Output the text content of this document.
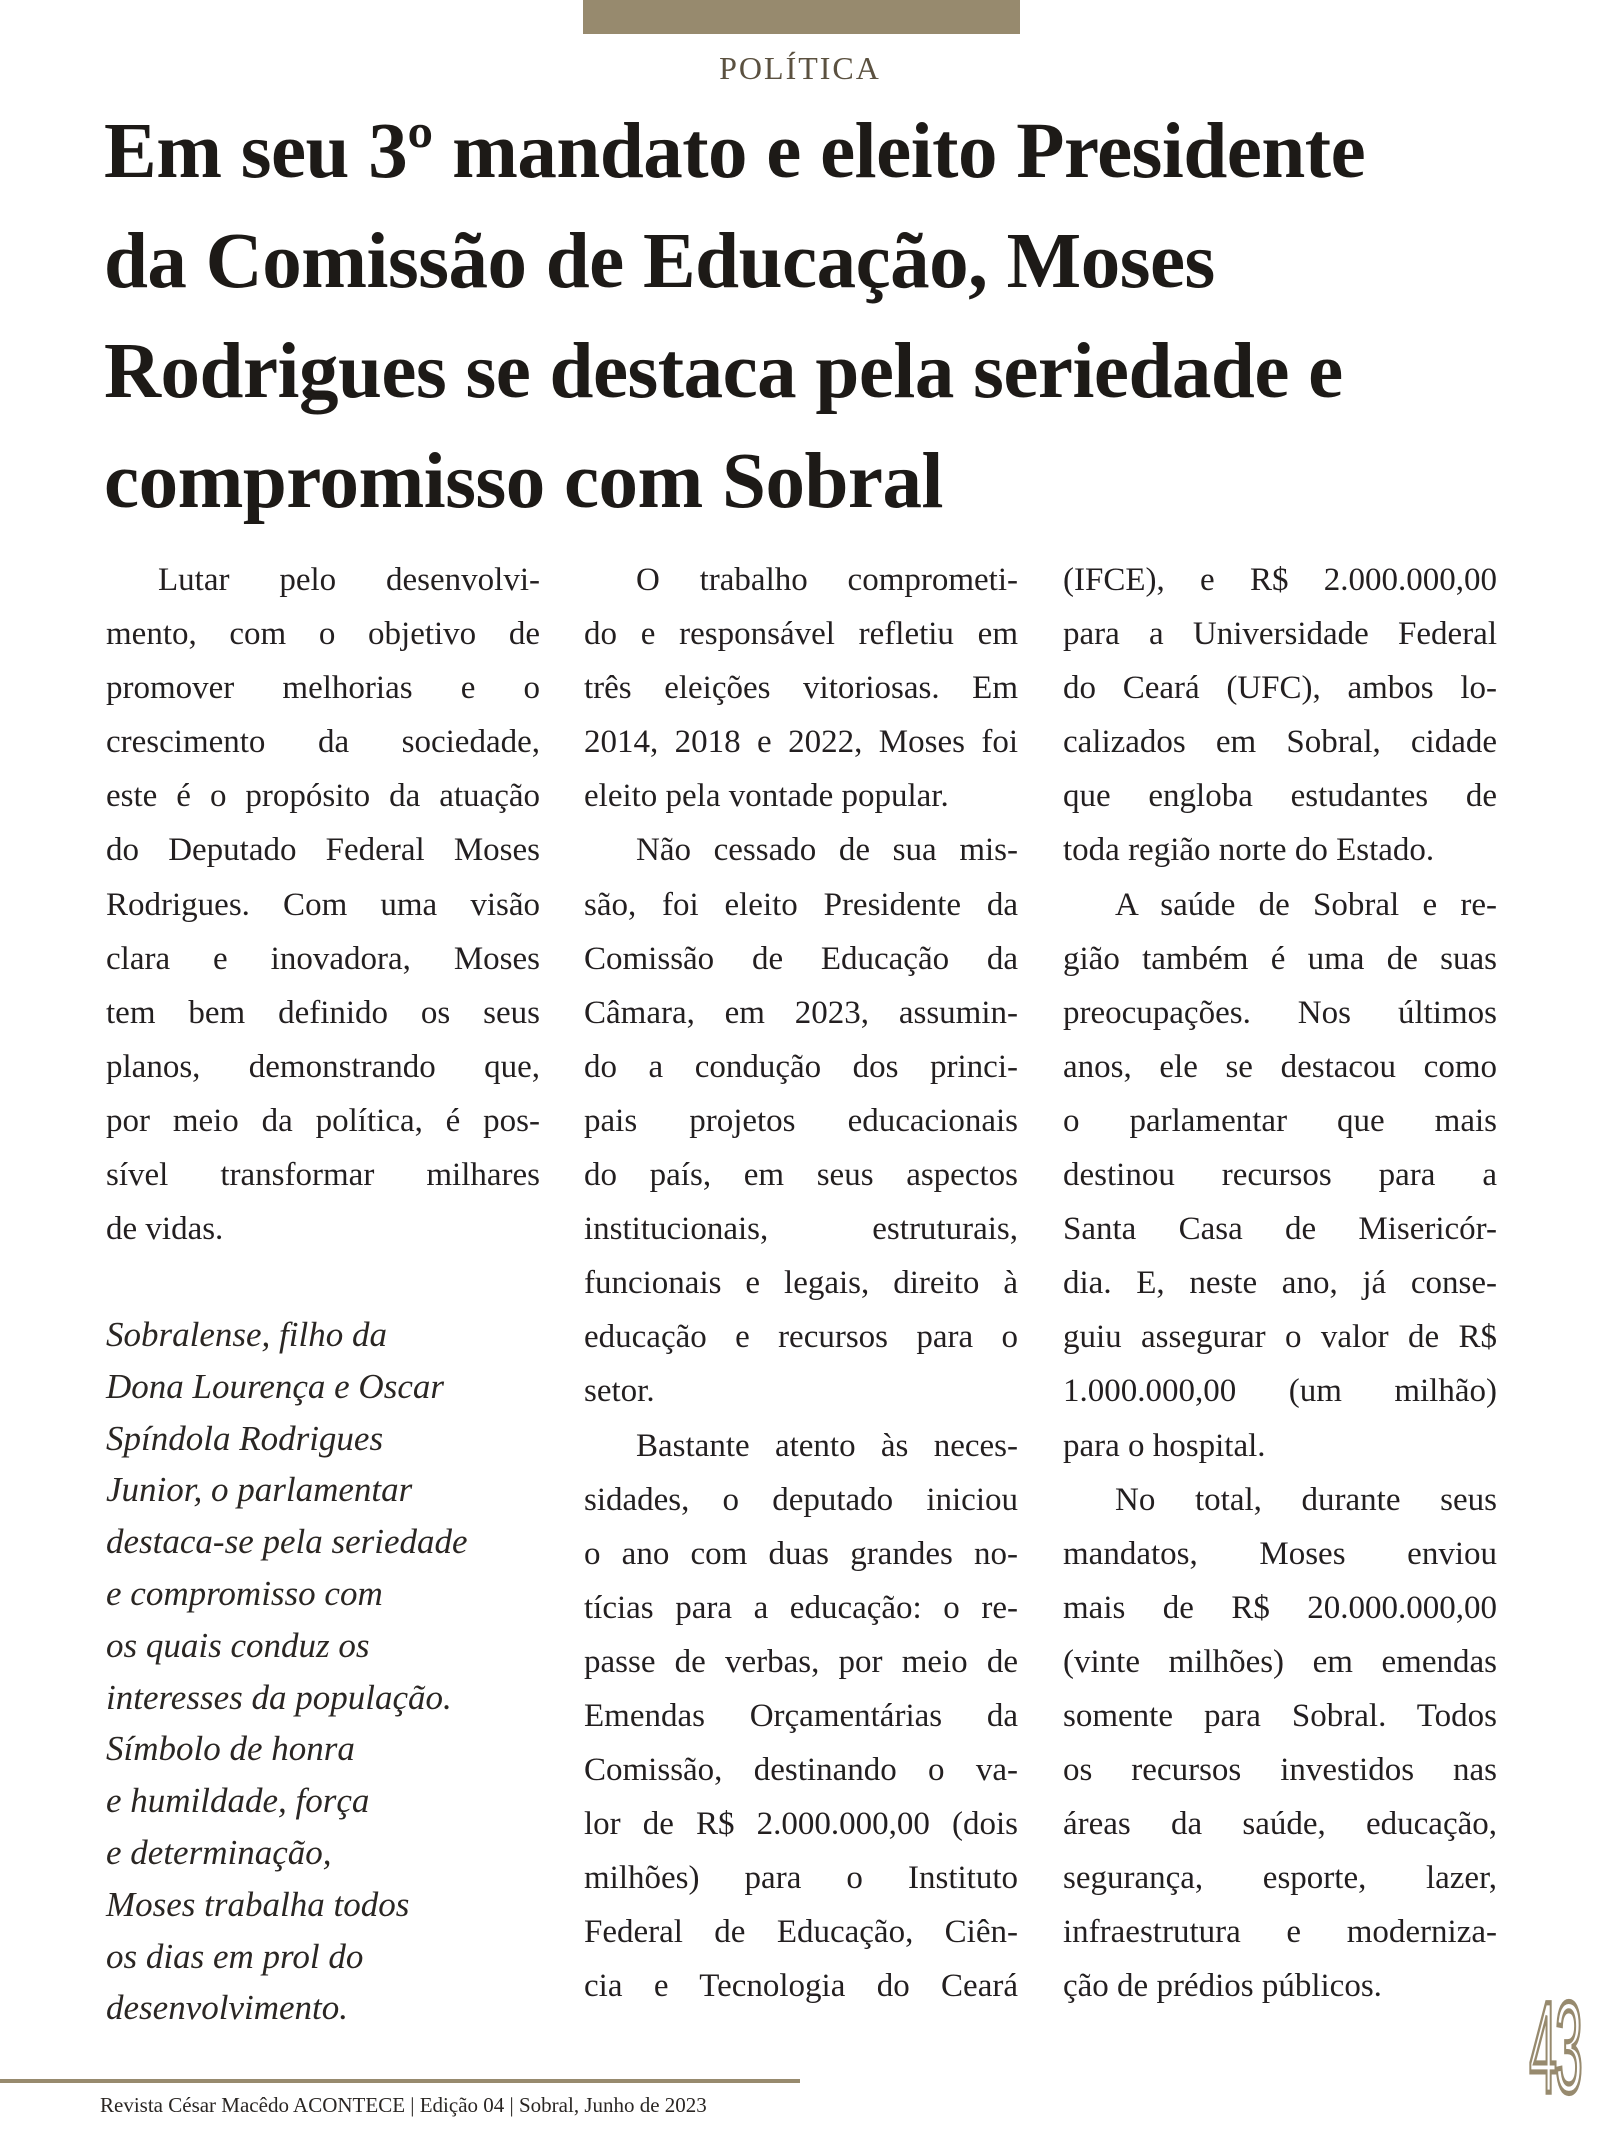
POLÍTICA
Em seu 3º mandato e eleito Presidente
da Comissão de Educação, Moses
Rodrigues se destaca pela seriedade e
compromisso com Sobral
Lutar pelo desenvolvi-
mento, com o objetivo de
promover melhorias e o
crescimento da sociedade,
este é o propósito da atuação
do Deputado Federal Moses
Rodrigues. Com uma visão
clara e inovadora, Moses
tem bem definido os seus
planos, demonstrando que,
por meio da política, é pos-
sível transformar milhares
de vidas.
O trabalho comprometi-
do e responsável refletiu em
três eleições vitoriosas. Em
2014, 2018 e 2022, Moses foi
eleito pela vontade popular.
Não cessado de sua mis-
são, foi eleito Presidente da
Comissão de Educação da
Câmara, em 2023, assumin-
do a condução dos princi-
pais projetos educacionais
do país, em seus aspectos
institucionais, estruturais,
funcionais e legais, direito à
educação e recursos para o
setor.
Bastante atento às neces-
sidades, o deputado iniciou
o ano com duas grandes no-
tícias para a educação: o re-
passe de verbas, por meio de
Emendas Orçamentárias da
Comissão, destinando o va-
lor de R$ 2.000.000,00 (dois
milhões) para o Instituto
Federal de Educação, Ciên-
cia e Tecnologia do Ceará
(IFCE), e R$ 2.000.000,00
para a Universidade Federal
do Ceará (UFC), ambos lo-
calizados em Sobral, cidade
que engloba estudantes de
toda região norte do Estado.
A saúde de Sobral e re-
gião também é uma de suas
preocupações. Nos últimos
anos, ele se destacou como
o parlamentar que mais
destinou recursos para a
Santa Casa de Misericór-
dia. E, neste ano, já conse-
guiu assegurar o valor de R$
1.000.000,00 (um milhão)
para o hospital.
No total, durante seus
mandatos, Moses enviou
mais de R$ 20.000.000,00
(vinte milhões) em emendas
somente para Sobral. Todos
os recursos investidos nas
áreas da saúde, educação,
segurança, esporte, lazer,
infraestrutura e moderniza-
ção de prédios públicos.
Sobralense, filho da
Dona Lourença e Oscar
Spíndola Rodrigues
Junior, o parlamentar
destaca-se pela seriedade
e compromisso com
os quais conduz os
interesses da população.
Símbolo de honra
e humildade, força
e determinação,
Moses trabalha todos
os dias em prol do
desenvolvimento.
Revista César Macêdo ACONTECE | Edição 04 | Sobral, Junho de 2023	43
